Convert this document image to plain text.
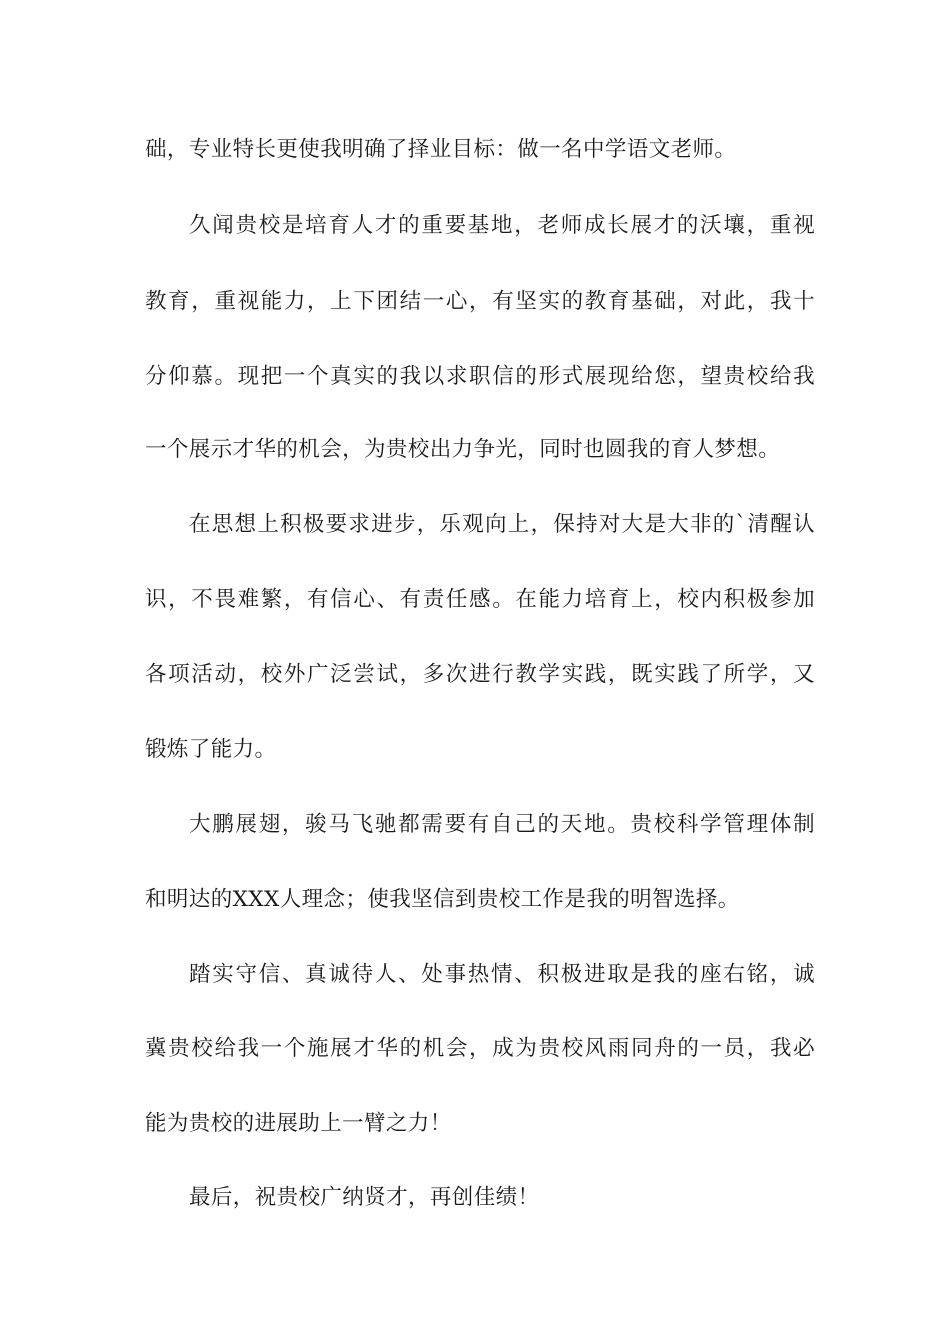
础，专业特长更使我明确了择业目标：做一名中学语文老师。
久闻贵校是培育人才的重要基地，老师成长展才的沃壤，重视
教育，重视能力，上下团结一心，有坚实的教育基础，对此，我十
分仰慕。现把一个真实的我以求职信的形式展现给您，望贵校给我
一个展示才华的机会，为贵校出力争光，同时也圆我的育人梦想。
在思想上积极要求进步，乐观向上，保持对大是大非的`清醒认
识，不畏难繁，有信心、有责任感。在能力培育上，校内积极参加
各项活动，校外广泛尝试，多次进行教学实践，既实践了所学，又
锻炼了能力。
大鹏展翅，骏马飞驰都需要有自己的天地。贵校科学管理体制
和明达的XXX人理念；使我坚信到贵校工作是我的明智选择。
踏实守信、真诚待人、处事热情、积极进取是我的座右铭，诚
冀贵校给我一个施展才华的机会，成为贵校风雨同舟的一员，我必
能为贵校的进展助上一臂之力！
最后，祝贵校广纳贤才，再创佳绩！
